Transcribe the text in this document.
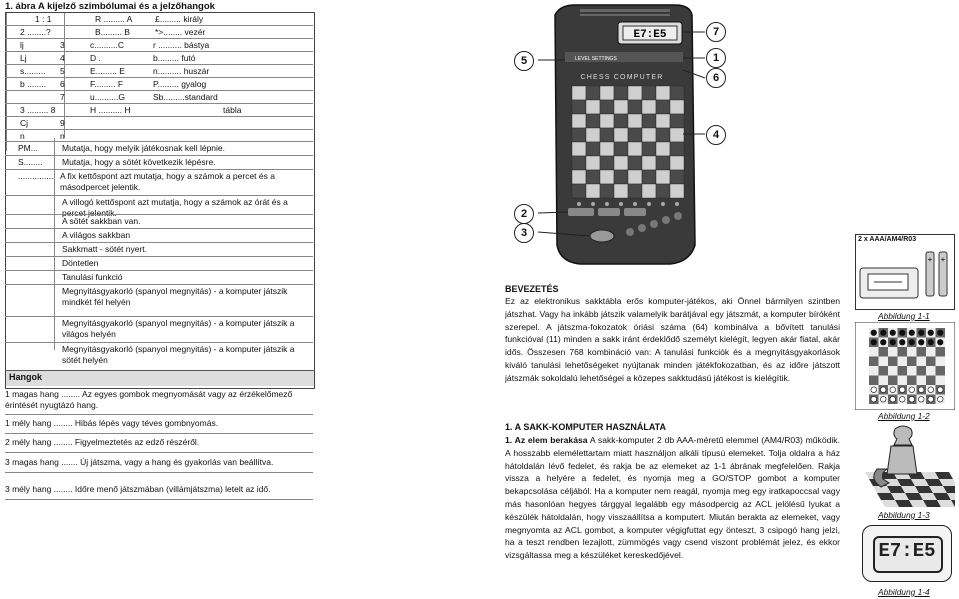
1. ábra A kijelző szimbólumai és a jelzőhangok
Hangok
1 : 1	R ......... A	£......... király
2 ........?	B......... B	*>........ vezér
lj	3	c..........C	r .......... bástya
Lj	4	D .	b......... futó
s......... 5	E......... E	n.......... huszár
b ........ 6	F......... F	P......... gyalog
7	u..........G	Sb.........standard
3 ......... 8	H .......... H	tábla
Cj	9
n	n
PM...	Mutatja, hogy melyik játékosnak kell lépnie.
S........ Mutatja, hogy a sötét következik lépésre.
............... A fix kettőspont azt mutatja, hogy a számok a percet és a másodpercet jelentik.
A villogó kettőspont azt mutatja, hogy a számok az órát és a percet jelentik.
A sötét sakkban van.
A világos sakkban
Sakkmatt - sötét nyert.
Döntetlen
Tanulási funkció
Megnyitásgyakorló (spanyol megnyitás) - a komputer játszik mindkét fél helyén
Megnyitásgyakorló (spanyol megnyitás) - a komputer játszik a világos helyén
Megnyitásgyakorló (spanyol megnyitás) - a komputer játszik a sötét helyén
1 magas hang ........ Az egyes gombok megnyomását vagy az érzékelőmező érintését nyugtázó hang.
1 mély hang ........ Hibás lépés vagy téves gombnyomás.
2 mély hang ........ Figyelmeztetés az edző részéről.
3 magas hang ....... Új játszma, vagy a hang és gyakorlás van beállítva.
3 mély hang ........ Időre menő játszmában (villámjátszma) letelt az idő.
E7:E5
LEVEL SETTINGS
CHESS COMPUTER
5
7
1
6
4
2
3
BEVEZETÉS
Ez az elektronikus sakktábla erős komputer-játékos, aki Önnel bármilyen szintben játszhat. Vagy ha inkább játszik valamelyik barátjával egy játszmát, a komputer bíróként szerepel. A játszma-fokozatok óriási száma (64) kombinálva a bővített tanulási funkcióval (11) minden a sakk iránt érdeklődő személyt kielégít, legyen akár fiatal, akár idős. Összesen 768 kombináció van: A tanulási funkciók és a megnyitásgyakorlások kiváló tanulási lehetőségeket nyújtanak minden játékfokozatban, és az időre játszott játszmák sokoldalú lehetőségei a közepes sakktudású játékost is kielégítik.
1. A SAKK-KOMPUTER HASZNÁLATA
1. Az elem berakása A sakk-komputer 2 db AAA-méretű elemmel (AM4/R03) működik. A hosszabb elemélettartam miatt használjon alkáli típusú elemeket. Tolja oldalra a ház hátoldalán lévő fedelet, és rakja be az elemeket az 1-1 ábrának megfelelően. Rakja vissza a helyére a fedelet, és nyomja meg a GO/STOP gombot a komputer bekapcsolása céljából. Ha a komputer nem reagál, nyomja meg egy iratkapoccsal vagy más hasonlóan hegyes tárggyal legalább egy másodpercig az ACL jelölésű lyukat a készülék hátoldalán, hogy visszaállítsa a komputert. Miután berakta az elemeket, vagy megnyomta az ACL gombot, a komputer végigfuttat egy önteszt, 3 csipogó hang jelzi, ha a teszt rendben lezajlott, zümmögés vagy csend viszont problémát jelez, és ekkor vizsgáltassa meg a készüléket kereskedőjével.
2 x AAA/AM4/R03
+ +
Abbildung 1-1
Abbildung 1-2
Abbildung 1-3
E7:E5
Abbildung 1-4
